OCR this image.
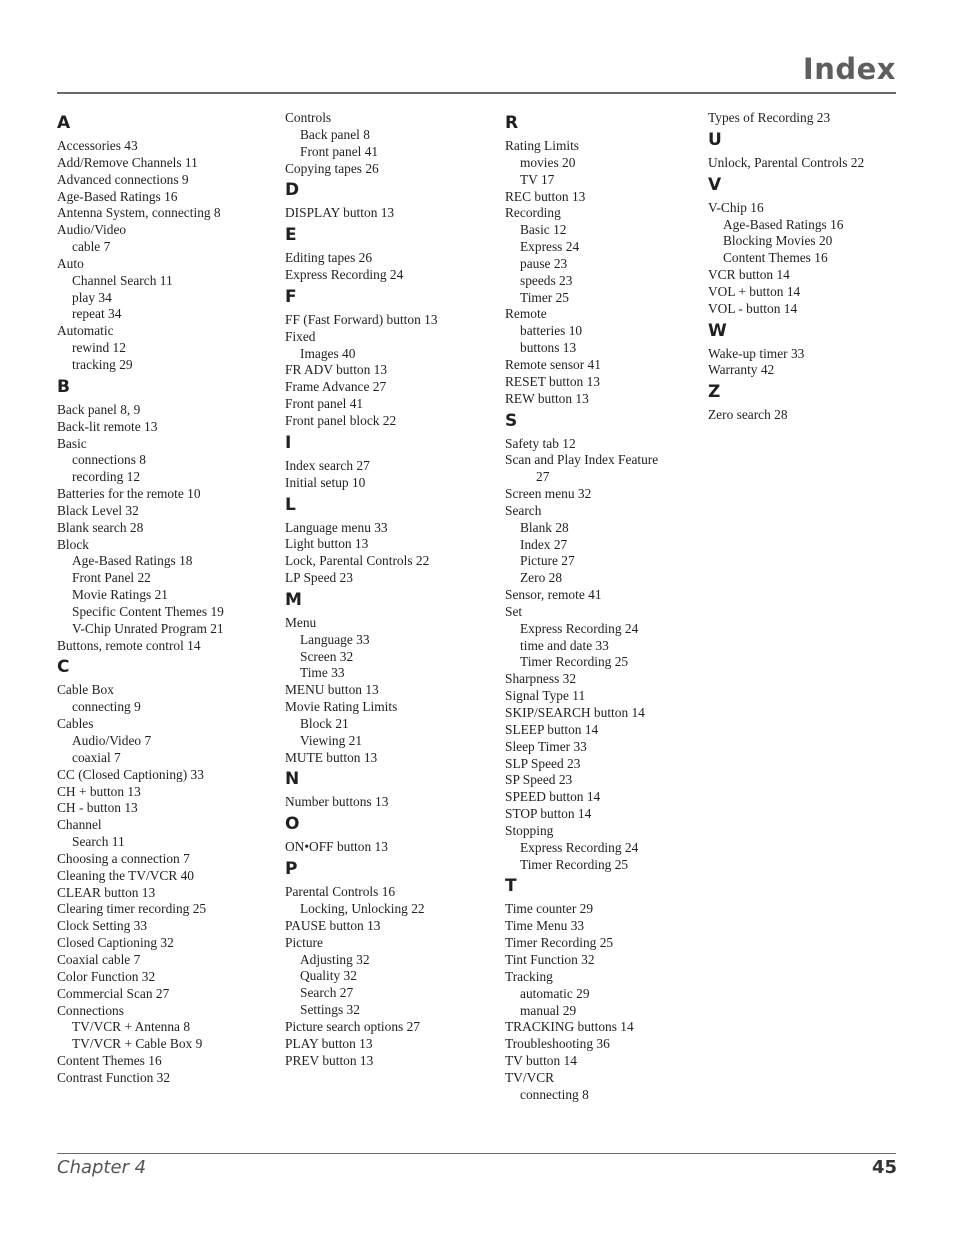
Index
A
Accessories 43
Add/Remove Channels 11
Advanced connections 9
Age-Based Ratings 16
Antenna System, connecting 8
Audio/Video
cable 7
Auto
Channel Search 11
play 34
repeat 34
Automatic
rewind 12
tracking 29
B
Back panel 8, 9
Back-lit remote 13
Basic
connections 8
recording 12
Batteries for the remote 10
Black Level 32
Blank search 28
Block
Age-Based Ratings 18
Front Panel 22
Movie Ratings 21
Specific Content Themes 19
V-Chip Unrated Program 21
Buttons, remote control 14
C
Cable Box
connecting 9
Cables
Audio/Video 7
coaxial 7
CC (Closed Captioning) 33
CH + button 13
CH - button 13
Channel
Search 11
Choosing a connection 7
Cleaning the TV/VCR 40
CLEAR button 13
Clearing timer recording 25
Clock Setting 33
Closed Captioning 32
Coaxial cable 7
Color Function 32
Commercial Scan 27
Connections
TV/VCR + Antenna 8
TV/VCR + Cable Box 9
Content Themes 16
Contrast Function 32
Controls
Back panel 8
Front panel 41
Copying tapes 26
D
DISPLAY button 13
E
Editing tapes 26
Express Recording 24
F
FF (Fast Forward) button 13
Fixed
Images 40
FR ADV button 13
Frame Advance 27
Front panel 41
Front panel block 22
I
Index search 27
Initial setup 10
L
Language menu 33
Light button 13
Lock, Parental Controls 22
LP Speed 23
M
Menu
Language 33
Screen 32
Time 33
MENU button 13
Movie Rating Limits
Block 21
Viewing 21
MUTE button 13
N
Number buttons 13
O
ON•OFF button 13
P
Parental Controls 16
Locking, Unlocking 22
PAUSE button 13
Picture
Adjusting 32
Quality 32
Search 27
Settings 32
Picture search options 27
PLAY button 13
PREV button 13
R
Rating Limits
movies 20
TV 17
REC button 13
Recording
Basic 12
Express 24
pause 23
speeds 23
Timer 25
Remote
batteries 10
buttons 13
Remote sensor 41
RESET button 13
REW button 13
S
Safety tab 12
Scan and Play Index Feature
27
Screen menu 32
Search
Blank 28
Index 27
Picture 27
Zero 28
Sensor, remote 41
Set
Express Recording 24
time and date 33
Timer Recording 25
Sharpness 32
Signal Type 11
SKIP/SEARCH button 14
SLEEP button 14
Sleep Timer 33
SLP Speed 23
SP Speed 23
SPEED button 14
STOP button 14
Stopping
Express Recording 24
Timer Recording 25
T
Time counter 29
Time Menu 33
Timer Recording 25
Tint Function 32
Tracking
automatic 29
manual 29
TRACKING buttons 14
Troubleshooting 36
TV button 14
TV/VCR
connecting 8
Types of Recording 23
U
Unlock, Parental Controls 22
V
V-Chip 16
Age-Based Ratings 16
Blocking Movies 20
Content Themes 16
VCR button 14
VOL + button 14
VOL - button 14
W
Wake-up timer 33
Warranty 42
Z
Zero search 28
Chapter 4	45
